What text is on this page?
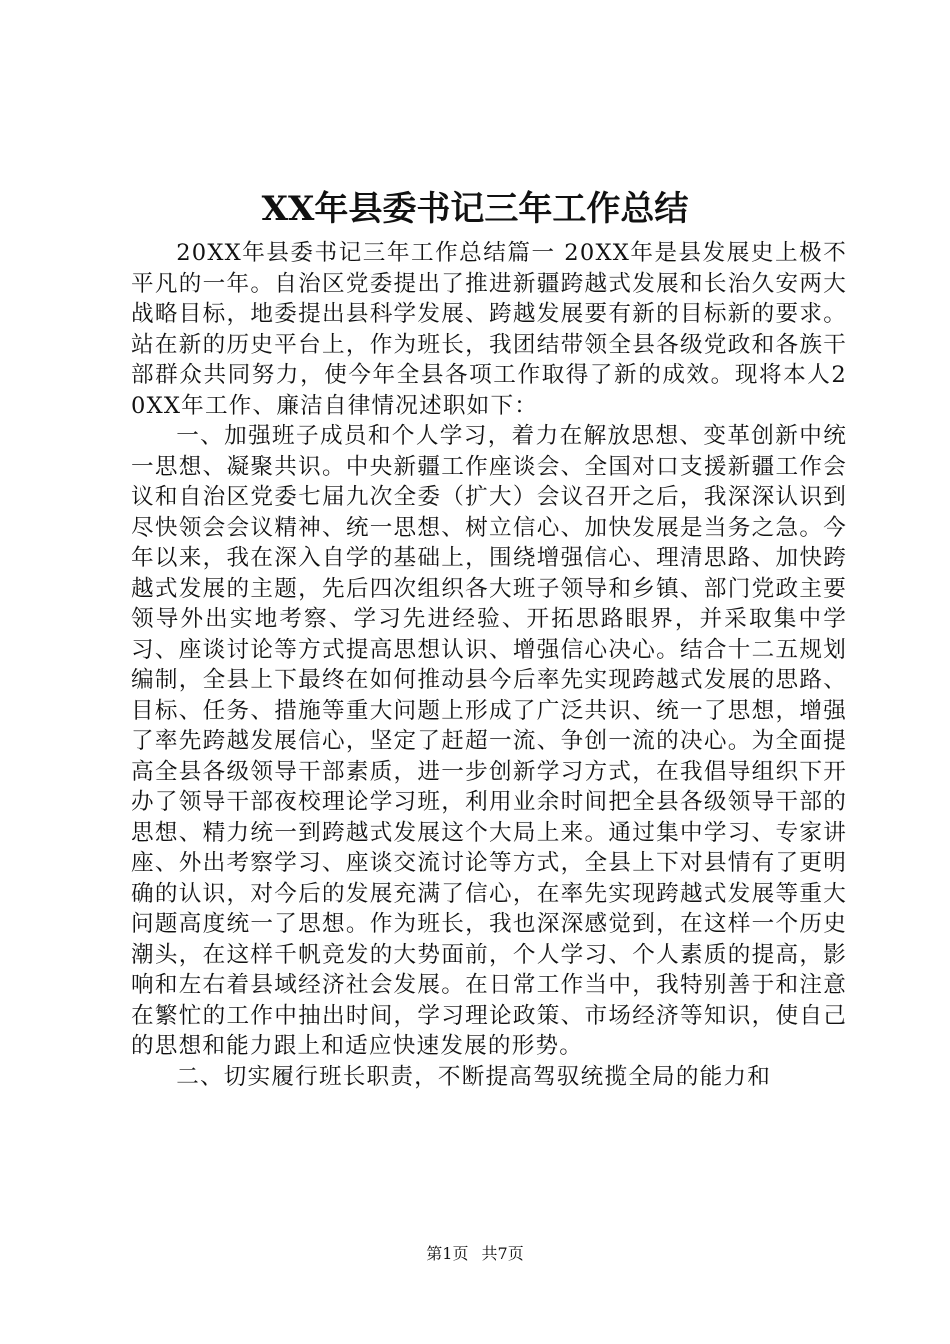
XX年县委书记三年工作总结

20XX年县委书记三年工作总结篇一 20XX年是县发展史上极不平凡的一年。自治区党委提出了推进新疆跨越式发展和长治久安两大战略目标，地委提出县科学发展、跨越发展要有新的目标新的要求。站在新的历史平台上，作为班长，我团结带领全县各级党政和各族干部群众共同努力，使今年全县各项工作取得了新的成效。现将本人20XX年工作、廉洁自律情况述职如下：

一、加强班子成员和个人学习，着力在解放思想、变革创新中统一思想、凝聚共识。中央新疆工作座谈会、全国对口支援新疆工作会议和自治区党委七届九次全委（扩大）会议召开之后，我深深认识到尽快领会会议精神、统一思想、树立信心、加快发展是当务之急。今年以来，我在深入自学的基础上，围绕增强信心、理清思路、加快跨越式发展的主题，先后四次组织各大班子领导和乡镇、部门党政主要领导外出实地考察、学习先进经验、开拓思路眼界，并采取集中学习、座谈讨论等方式提高思想认识、增强信心决心。结合十二五规划编制，全县上下最终在如何推动县今后率先实现跨越式发展的思路、目标、任务、措施等重大问题上形成了广泛共识、统一了思想，增强了率先跨越发展信心，坚定了赶超一流、争创一流的决心。为全面提高全县各级领导干部素质，进一步创新学习方式，在我倡导组织下开办了领导干部夜校理论学习班，利用业余时间把全县各级领导干部的思想、精力统一到跨越式发展这个大局上来。通过集中学习、专家讲座、外出考察学习、座谈交流讨论等方式，全县上下对县情有了更明确的认识，对今后的发展充满了信心，在率先实现跨越式发展等重大问题高度统一了思想。作为班长，我也深深感觉到，在这样一个历史潮头，在这样千帆竞发的大势面前，个人学习、个人素质的提高，影响和左右着县域经济社会发展。在日常工作当中，我特别善于和注意在繁忙的工作中抽出时间，学习理论政策、市场经济等知识，使自己的思想和能力跟上和适应快速发展的形势。

二、切实履行班长职责，不断提高驾驭统揽全局的能力和

第1页 共7页
